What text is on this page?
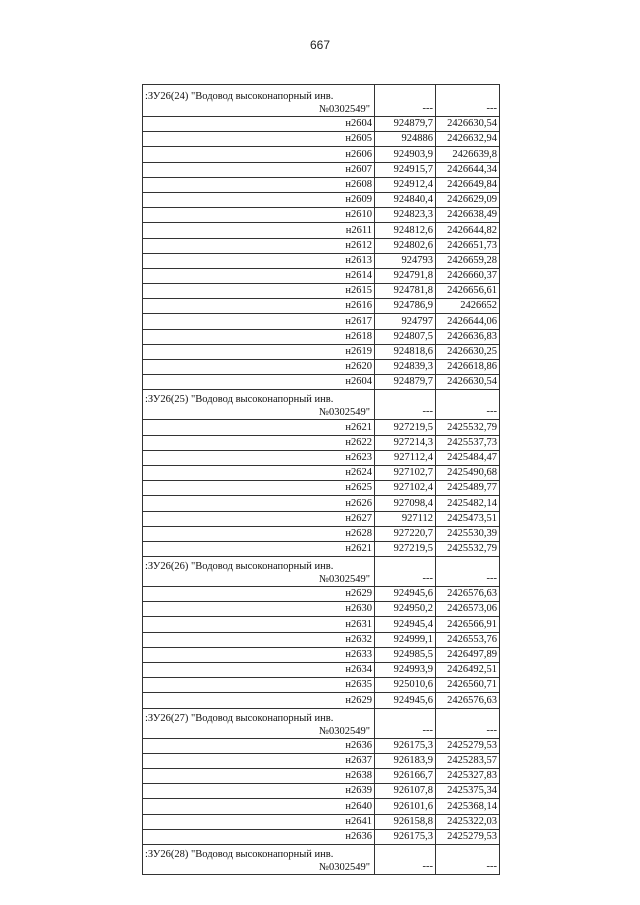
667
:ЗУ26(24) "Водовод высоконапорный инв.
№0302549"	---	---
н2604	924879,7	2426630,54
н2605	924886	2426632,94
н2606	924903,9	2426639,8
н2607	924915,7	2426644,34
н2608	924912,4	2426649,84
н2609	924840,4	2426629,09
н2610	924823,3	2426638,49
н2611	924812,6	2426644,82
н2612	924802,6	2426651,73
н2613	924793	2426659,28
н2614	924791,8	2426660,37
н2615	924781,8	2426656,61
н2616	924786,9	2426652
н2617	924797	2426644,06
н2618	924807,5	2426636,83
н2619	924818,6	2426630,25
н2620	924839,3	2426618,86
н2604	924879,7	2426630,54

:ЗУ26(25) "Водовод высоконапорный инв.
№0302549"	---	---
н2621	927219,5	2425532,79
н2622	927214,3	2425537,73
н2623	927112,4	2425484,47
н2624	927102,7	2425490,68
н2625	927102,4	2425489,77
н2626	927098,4	2425482,14
н2627	927112	2425473,51
н2628	927220,7	2425530,39
н2621	927219,5	2425532,79

:ЗУ26(26) "Водовод высоконапорный инв.
№0302549"	---	---
н2629	924945,6	2426576,63
н2630	924950,2	2426573,06
н2631	924945,4	2426566,91
н2632	924999,1	2426553,76
н2633	924985,5	2426497,89
н2634	924993,9	2426492,51
н2635	925010,6	2426560,71
н2629	924945,6	2426576,63

:ЗУ26(27) "Водовод высоконапорный инв.
№0302549"	---	---
н2636	926175,3	2425279,53
н2637	926183,9	2425283,57
н2638	926166,7	2425327,83
н2639	926107,8	2425375,34
н2640	926101,6	2425368,14
н2641	926158,8	2425322,03
н2636	926175,3	2425279,53

:ЗУ26(28) "Водовод высоконапорный инв.
№0302549"	---	---
